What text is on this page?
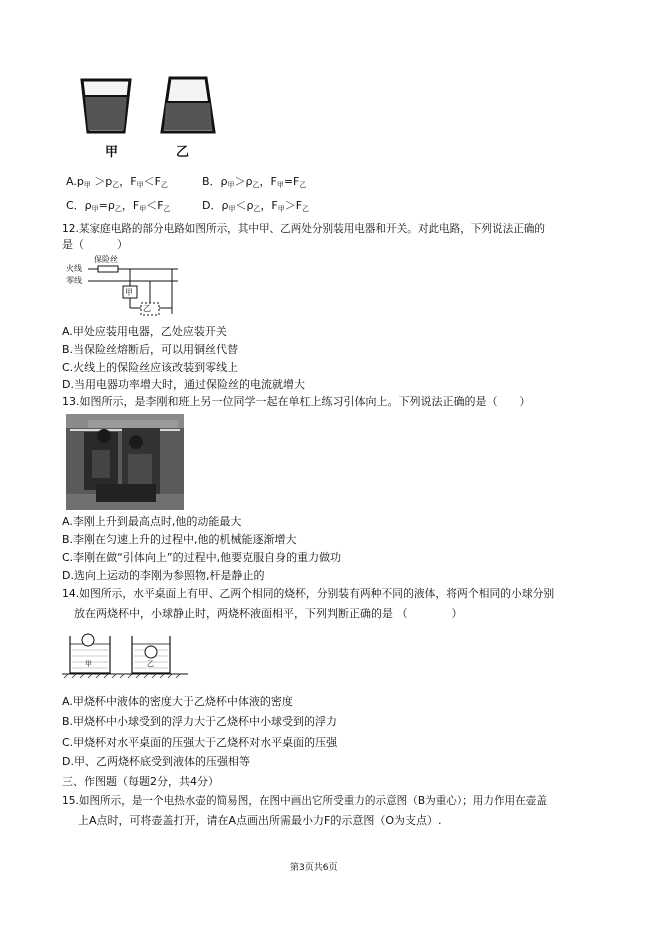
甲	乙
$A.p_甲 >p_乙$，$F_甲<F_乙$	B．$\rho_甲>\rho_乙$，$F_甲=F_乙$
C．$\rho_甲=\rho_乙$，$F_甲<F_乙$	D．$\rho_甲<\rho_乙$，$F_甲>F_乙$
12.某家庭电路的部分电路如图所示，其中甲、乙两处分别装用电器和开关。对此电路，下列说法正确的
是（　　　）
保险丝
火线
零线
甲
乙
A.甲处应装用电器，乙处应装开关
B.当保险丝熔断后，可以用铜丝代替
C.火线上的保险丝应该改装到零线上
D.当用电器功率增大时，通过保险丝的电流就增大
13.如图所示，是李刚和班上另一位同学一起在单杠上练习引体向上。下列说法正确的是（　　）
A.李刚上升到最高点时,他的动能最大
B.李刚在匀速上升的过程中,他的机械能逐渐增大
C.李刚在做“引体向上”的过程中,他要克服自身的重力做功
D.选向上运动的李刚为参照物,杆是静止的
14.如图所示，水平桌面上有甲、乙两个相同的烧杯，分别装有两种不同的液体，将两个相同的小球分别
放在两烧杯中，小球静止时，两烧杯液面相平，下列判断正确的是 （　　　　）
甲	乙
A.甲烧杯中液体的密度大于乙烧杯中体液的密度
B.甲烧杯中小球受到的浮力大于乙烧杯中小球受到的浮力
C.甲烧杯对水平桌面的压强大于乙烧杯对水平桌面的压强
D.甲、乙两烧杯底受到液体的压强相等
三、作图题（每题2分，共4分）
15.如图所示，是一个电热水壶的简易图，在图中画出它所受重力的示意图（B为重心）；用力作用在壶盖
上A点时，可将壶盖打开，请在A点画出所需最小力F的示意图（O为支点）.
第3页共6页
